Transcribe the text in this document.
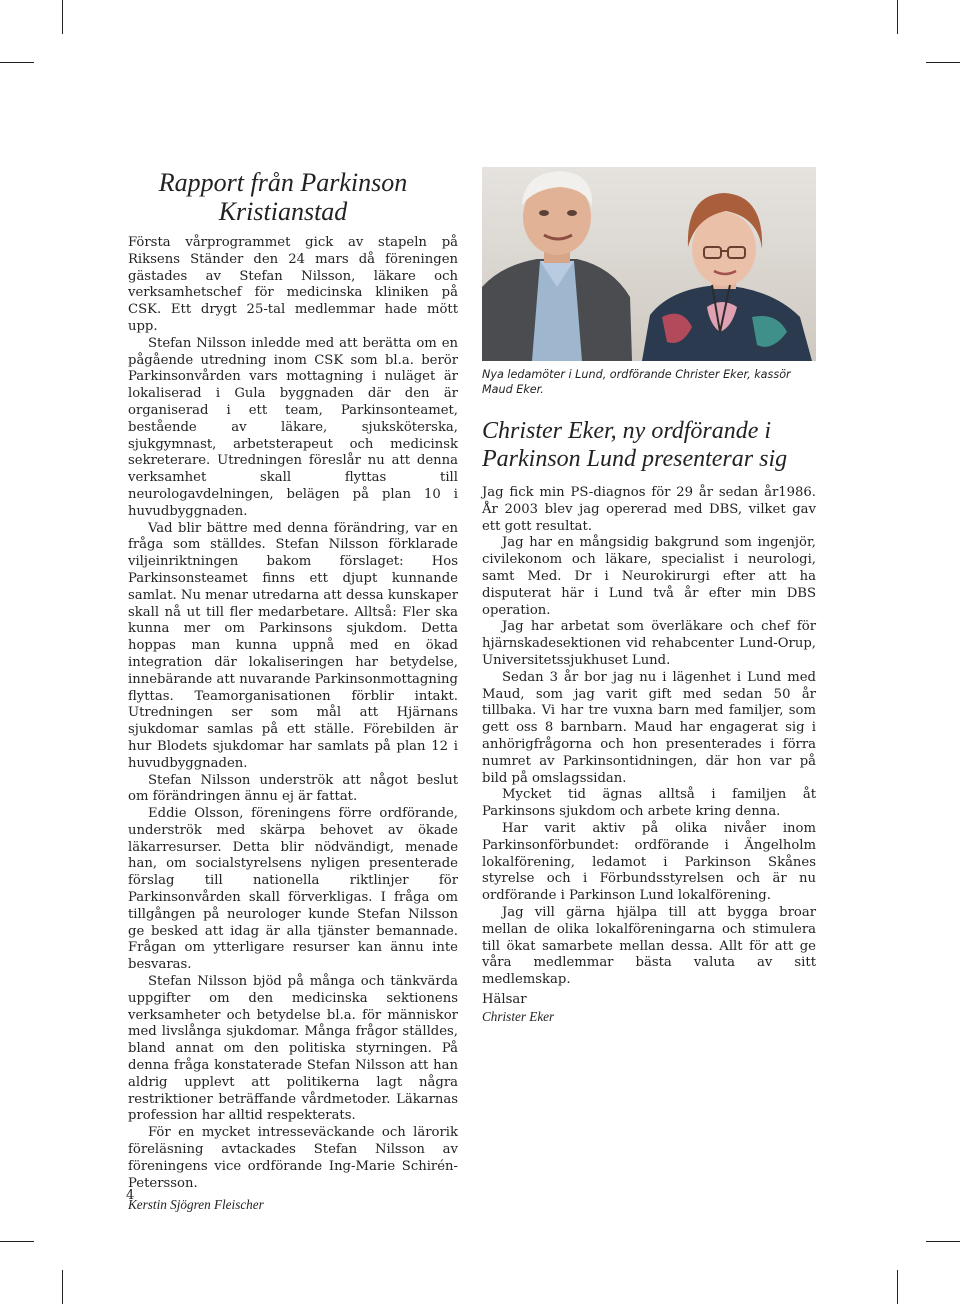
Rapport från Parkinson Kristianstad

Första vårprogrammet gick av stapeln på Riksens Ständer den 24 mars då föreningen gästades av Stefan Nilsson, läkare och verksamhetschef för medicinska kliniken på CSK. Ett drygt 25-tal medlemmar hade mött upp.

Stefan Nilsson inledde med att berätta om en pågående utredning inom CSK som bl.a. berör Parkinsonvården vars mottagning i nuläget är lokaliserad i Gula byggnaden där den är organiserad i ett team, Parkinsonteamet, bestående av läkare, sjuksköterska, sjukgymnast, arbetsterapeut och medicinsk sekreterare. Utredningen föreslår nu att denna verksamhet skall flyttas till neurologavdelningen, belägen på plan 10 i huvudbyggnaden.

Vad blir bättre med denna förändring, var en fråga som ställdes. Stefan Nilsson förklarade viljeinriktningen bakom förslaget: Hos Parkinsonsteamet finns ett djupt kunnande samlat. Nu menar utredarna att dessa kunskaper skall nå ut till fler medarbetare. Alltså: Fler ska kunna mer om Parkinsons sjukdom. Detta hoppas man kunna uppnå med en ökad integration där lokaliseringen har betydelse, innebärande att nuvarande Parkinsonmottagning flyttas. Teamorganisationen förblir intakt. Utredningen ser som mål att Hjärnans sjukdomar samlas på ett ställe. Förebilden är hur Blodets sjukdomar har samlats på plan 12 i huvudbyggnaden.

Stefan Nilsson underströk att något beslut om förändringen ännu ej är fattat.

Eddie Olsson, föreningens förre ordförande, underströk med skärpa behovet av ökade läkarresurser. Detta blir nödvändigt, menade han, om socialstyrelsens nyligen presenterade förslag till nationella riktlinjer för Parkinsonvården skall förverkligas. I fråga om tillgången på neurologer kunde Stefan Nilsson ge besked att idag är alla tjänster bemannade. Frågan om ytterligare resurser kan ännu inte besvaras.

Stefan Nilsson bjöd på många och tänkvärda uppgifter om den medicinska sektionens verksamheter och betydelse bl.a. för människor med livslånga sjukdomar. Många frågor ställdes, bland annat om den politiska styrningen. På denna fråga konstaterade Stefan Nilsson att han aldrig upplevt att politikerna lagt några restriktioner beträffande vårdmetoder. Läkarnas profession har alltid respekterats.

För en mycket intresseväckande och lärorik föreläsning avtackades Stefan Nilsson av föreningens vice ordförande Ing-Marie Schirén-Petersson.

Kerstin Sjögren Fleischer

Nya ledamöter i Lund, ordförande Christer Eker, kassör Maud Eker.
Christer Eker, ny ordförande i Parkinson Lund presenterar sig

Jag fick min PS-diagnos för 29 år sedan år1986. År 2003 blev jag opererad med DBS, vilket gav ett gott resultat.

Jag har en mångsidig bakgrund som ingenjör, civilekonom och läkare, specialist i neurologi, samt Med. Dr i Neurokirurgi efter att ha disputerat här i Lund två år efter min DBS operation.

Jag har arbetat som överläkare och chef för hjärnskadesektionen vid rehabcenter Lund-Orup, Universitetssjukhuset Lund.

Sedan 3 år bor jag nu i lägenhet i Lund med Maud, som jag varit gift med sedan 50 år tillbaka. Vi har tre vuxna barn med familjer, som gett oss 8 barnbarn. Maud har engagerat sig i anhörigfrågorna och hon presenterades i förra numret av Parkinsontidningen, där hon var på bild på omslagssidan.

Mycket tid ägnas alltså i familjen åt Parkinsons sjukdom och arbete kring denna.

Har varit aktiv på olika nivåer inom Parkinsonförbundet: ordförande i Ängelholm lokalförening, ledamot i Parkinson Skånes styrelse och i Förbundsstyrelsen och är nu ordförande i Parkinson Lund lokalförening.

Jag vill gärna hjälpa till att bygga broar mellan de olika lokalföreningarna och stimulera till ökat samarbete mellan dessa. Allt för att ge våra medlemmar bästa valuta av sitt medlemskap.

Hälsar

Christer Eker

4
